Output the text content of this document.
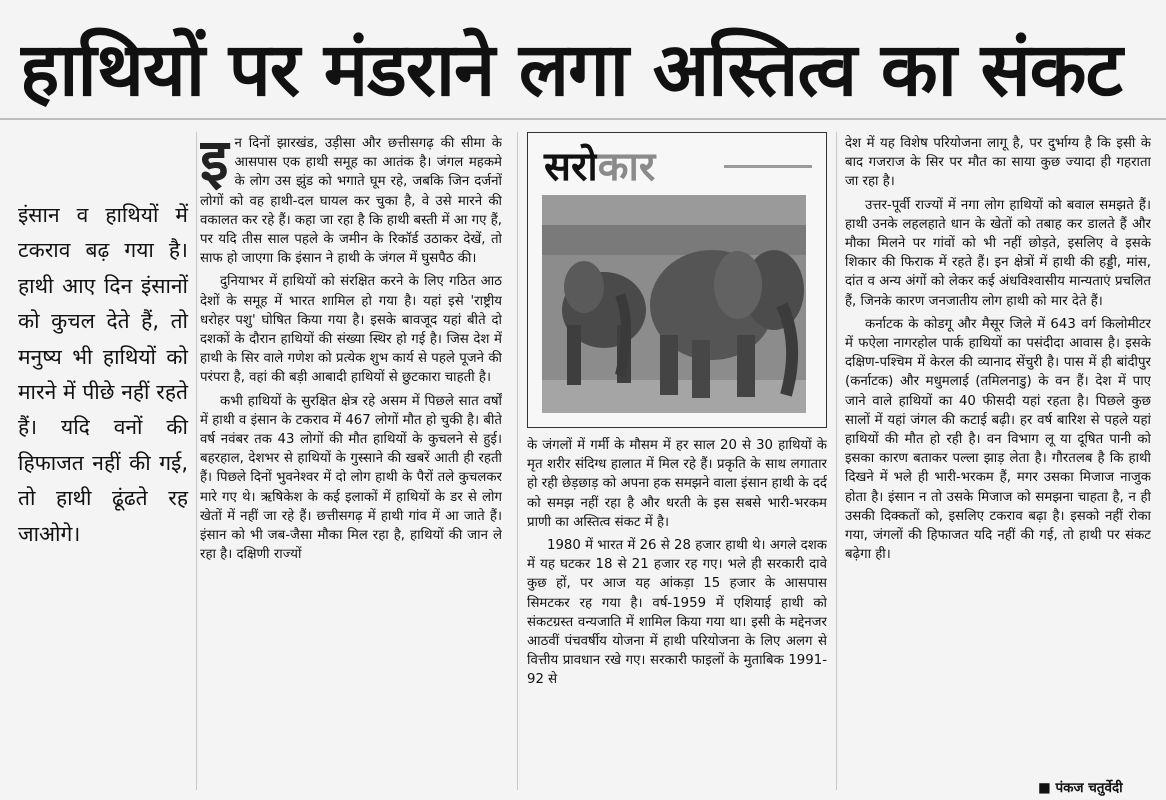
हाथियों पर मंडराने लगा अस्तित्व का संकट
इंसान व हाथियों में टकराव बढ़ गया है। हाथी आए दिन इंसानों को कुचल देते हैं, तो मनुष्य भी हाथियों को मारने में पीछे नहीं रहते हैं। यदि वनों की हिफाजत नहीं की गई, तो हाथी ढूंढते रह जाओगे।
इ न दिनों झारखंड, उड़ीसा और छत्तीसगढ़ की सीमा के आसपास एक हाथी समूह का आतंक है। जंगल महकमे के लोग उस झुंड को भगाते घूम रहे, जबकि जिन दर्जनों लोगों को वह हाथी-दल घायल कर चुका है, वे उसे मारने की वकालत कर रहे हैं। कहा जा रहा है कि हाथी बस्ती में आ गए हैं, पर यदि तीस साल पहले के जमीन के रिकॉर्ड उठाकर देखें, तो साफ हो जाएगा कि इंसान ने हाथी के जंगल में घुसपैठ की।

दुनियाभर में हाथियों को संरक्षित करने के लिए गठित आठ देशों के समूह में भारत शामिल हो गया है। यहां इसे 'राष्ट्रीय धरोहर पशु' घोषित किया गया है। इसके बावजूद यहां बीते दो दशकों के दौरान हाथियों की संख्या स्थिर हो गई है। जिस देश में हाथी के सिर वाले गणेश को प्रत्येक शुभ कार्य से पहले पूजने की परंपरा है, वहां की बड़ी आबादी हाथियों से छुटकारा चाहती है।

कभी हाथियों के सुरक्षित क्षेत्र रहे असम में पिछले सात वर्षों में हाथी व इंसान के टकराव में 467 लोगों मौत हो चुकी है। बीते वर्ष नवंबर तक 43 लोगों की मौत हाथियों के कुचलने से हुई। बहरहाल, देशभर से हाथियों के गुस्साने की खबरें आती ही रहती हैं। पिछले दिनों भुवनेश्वर में दो लोग हाथी के पैरों तले कुचलकर मारे गए थे। ऋषिकेश के कई इलाकों में हाथियों के डर से लोग खेतों में नहीं जा रहे हैं। छत्तीसगढ़ में हाथी गांव में आ जाते हैं। इंसान को भी जब-जैसा मौका मिल रहा है, हाथियों की जान ले रहा है। दक्षिणी राज्यों

सरोकार

के जंगलों में गर्मी के मौसम में हर साल 20 से 30 हाथियों के मृत शरीर संदिग्ध हालात में मिल रहे हैं। प्रकृति के साथ लगातार हो रही छेड़छाड़ को अपना हक समझने वाला इंसान हाथी के दर्द को समझ नहीं रहा है और धरती के इस सबसे भारी-भरकम प्राणी का अस्तित्व संकट में है।

1980 में भारत में 26 से 28 हजार हाथी थे। अगले दशक में यह घटकर 18 से 21 हजार रह गए। भले ही सरकारी दावे कुछ हों, पर आज यह आंकड़ा 15 हजार के आसपास सिमटकर रह गया है। वर्ष-1959 में एशियाई हाथी को संकटग्रस्त वन्यजाति में शामिल किया गया था। इसी के मद्देनजर आठवीं पंचवर्षीय योजना में हाथी परियोजना के लिए अलग से वित्तीय प्रावधान रखे गए। सरकारी फाइलों के मुताबिक 1991-92 से

देश में यह विशेष परियोजना लागू है, पर दुर्भाग्य है कि इसी के बाद गजराज के सिर पर मौत का साया कुछ ज्यादा ही गहराता जा रहा है।

उत्तर-पूर्वी राज्यों में नगा लोग हाथियों को बवाल समझते हैं। हाथी उनके लहलहाते धान के खेतों को तबाह कर डालते हैं और मौका मिलने पर गांवों को भी नहीं छोड़ते, इसलिए वे इसके शिकार की फिराक में रहते हैं। इन क्षेत्रों में हाथी की हड्डी, मांस, दांत व अन्य अंगों को लेकर कई अंधविश्वासीय मान्यताएं प्रचलित हैं, जिनके कारण जनजातीय लोग हाथी को मार देते हैं।

कर्नाटक के कोडगू और मैसूर जिले में 643 वर्ग किलोमीटर में फऐला नागरहोल पार्क हाथियों का पसंदीदा आवास है। इसके दक्षिण-पश्चिम में केरल की व्यानाद सेंचुरी है। पास में ही बांदीपुर (कर्नाटक) और मधुमलाई (तमिलनाडु) के वन हैं। देश में पाए जाने वाले हाथियों का 40 फीसदी यहां रहता है। पिछले कुछ सालों में यहां जंगल की कटाई बढ़ी। हर वर्ष बारिश से पहले यहां हाथियों की मौत हो रही है। वन विभाग लू या दूषित पानी को इसका कारण बताकर पल्ला झाड़ लेता है। गौरतलब है कि हाथी दिखने में भले ही भारी-भरकम हैं, मगर उसका मिजाज नाजुक होता है। इंसान न तो उसके मिजाज को समझना चाहता है, न ही उसकी दिक्कतों को, इसलिए टकराव बढ़ा है। इसको नहीं रोका गया, जंगलों की हिफाजत यदि नहीं की गई, तो हाथी पर संकट बढ़ेगा ही।

■ पंकज चतुर्वेदी
